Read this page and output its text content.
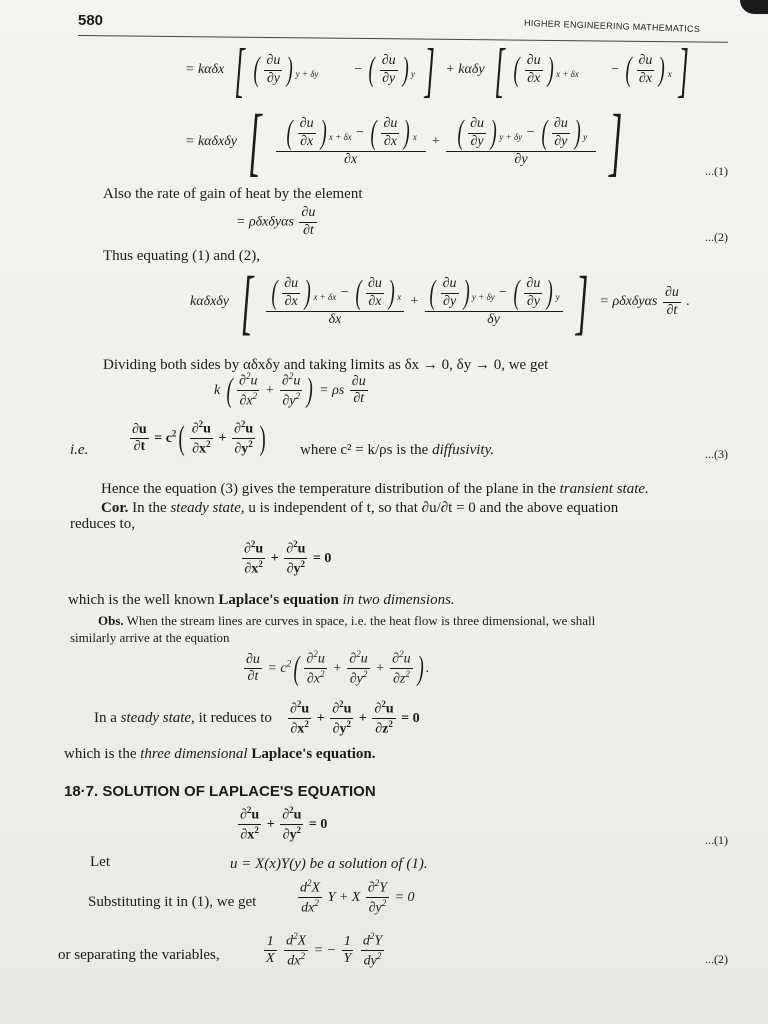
580	HIGHER ENGINEERING MATHEMATICS
= kαδx [ ( $\frac{\partial u}{\partial y}$ ) $_{y + \delta y}$          − ( $\frac{\partial u}{\partial y}$ ) $_y$ ] + kαδy [ ( $\frac{\partial u}{\partial x}$ ) $_{x + \delta x}$         − ( $\frac{\partial u}{\partial x}$ ) $_x$ ]
= kαδxδy [ $\frac{( \frac{\partial u}{\partial x} ) _{x + \delta x} - ( \frac{\partial u}{\partial x} ) _x}{\partial x} + \frac{( \frac{\partial u}{\partial y} ) _{y + \delta y} - ( \frac{\partial u}{\partial y} ) _y}{\partial y}$ ]	...(1)
Also the rate of gain of heat by the element
= ρδxδyαs $\frac{\partial u}{\partial t}$	...(2)
Thus equating (1) and (2),
kαδxδy [ $\frac{( \frac{\partial u}{\partial x} ) _{x + \delta x} - ( \frac{\partial u}{\partial x} ) _x}{\delta x} + \frac{( \frac{\partial u}{\partial y} ) _{y + \delta y} - ( \frac{\partial u}{\partial y} ) _y}{\delta y}$ ] = ρδxδyαs $\frac{\partial u}{\partial t}$ .
Dividing both sides by αδxδy and taking limits as δx → 0, δy → 0, we get
k ( $\frac{\partial^2u}{\partial x^2} + \frac{\partial^2u}{\partial y^2}$ ) = ρs $\frac{\partial u}{\partial t}$
i.e.	$\frac{\partial u}{\partial t} = c^2( \frac{\partial^2u}{\partial x^2} + \frac{\partial^2u}{\partial y^2}$ ) where c² = k/ρs is the diffusivity.	...(3)
Hence the equation (3) gives the temperature distribution of the plane in the transient state.
Cor. In the steady state, u is independent of t, so that ∂u/∂t = 0 and the above equation
reduces to,
$\frac{\partial^2u}{\partial x^2} + \frac{\partial^2u}{\partial y^2} = 0$
which is the well known Laplace's equation in two dimensions.
Obs. When the stream lines are curves in space, i.e. the heat flow is three dimensional, we shall
similarly arrive at the equation
$\frac{\partial u}{\partial t} = c^2( \frac{\partial^2u}{\partial x^2} + \frac{\partial^2u}{\partial y^2} + \frac{\partial^2u}{\partial z^2}$ ) .
In a steady state, it reduces to $\frac{\partial^2u}{\partial x^2} + \frac{\partial^2u}{\partial y^2} + \frac{\partial^2u}{\partial z^2} = 0$
which is the three dimensional Laplace's equation.
18·7. SOLUTION OF LAPLACE'S EQUATION
$\frac{\partial^2u}{\partial x^2} + \frac{\partial^2u}{\partial y^2} = 0$
...(1)
Let	u = X(x)Y(y) be a solution of (1).
Substituting it in (1), we get	$\frac{d^2X}{dx^2}$ Y + X $\frac{\partial^2Y}{\partial y^2} = 0$
or separating the variables,	$\frac{1}{X}$
$\frac{d^2X}{dx^2}$ = − $\frac{1}{Y}$
$\frac{d^2Y}{dy^2}$	...(2)
